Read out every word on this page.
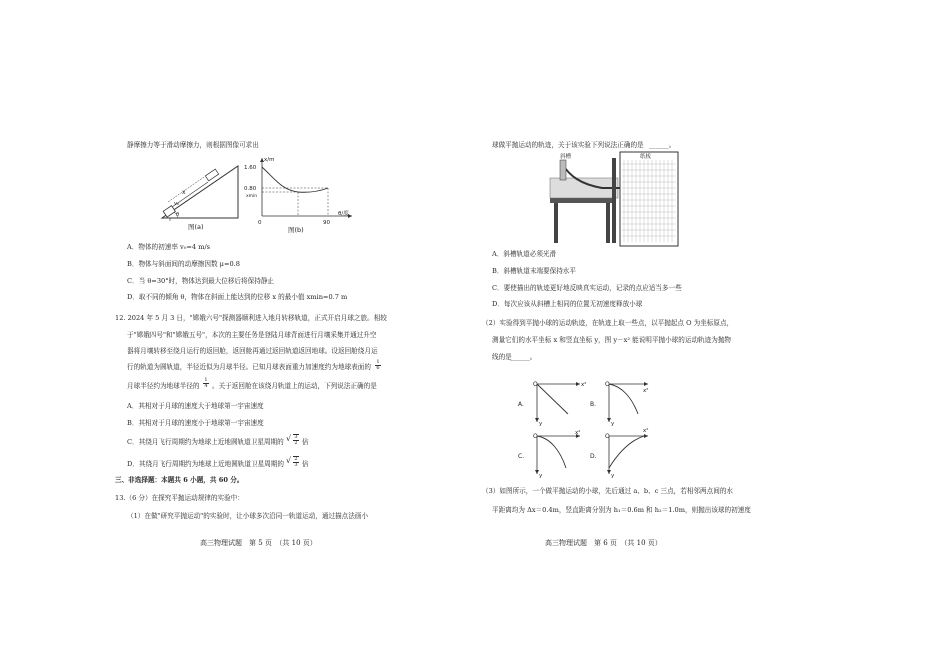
静摩擦力等于滑动摩擦力，则根据图像可求出
x
v₀
θ
图(a)
x/m
1.60
0.80
xmin
0	90
θ/度
图(b)
A．物体的初速率 v₀=4 m/s
B．物体与斜面间的动摩擦因数 μ=0.8
C．当 θ=30°时，物体达到最大位移后将保持静止
D．取不同的倾角 θ，物体在斜面上能达到的位移 x 的最小值 xmin=0.7 m
12. 2024 年 5 月 3 日，"嫦娥六号"探测器顺利进入地月转移轨道，正式开启月球之旅。相较
于"嫦娥四号"和"嫦娥五号"，本次的主要任务是登陆月球背面进行月壤采集并通过升空
器将月壤转移至绕月运行的返回舱，返回舱再通过返回轨道返回地球。设返回舱绕月运
行的轨道为圆轨道，半径近似为月球半径。已知月球表面重力加速度约为地球表面的 $\frac{1}{6}$
月球半径约为地球半径的 $\frac{1}{4}$ 。关于返回舱在该绕月轨道上的运动，下列说法正确的是
A．其相对于月球的速度大于地球第一宇宙速度
B．其相对于月球的速度小于地球第一宇宙速度
C．其绕月飞行周期约为地球上近地圆轨道卫星周期的 √ $\frac{3}{2}$ 倍
D．其绕月飞行周期约为地球上近地圆轨道卫星周期的 √ $\frac{2}{3}$ 倍
三、非选择题：本题共 6 小题，共 60 分。
13.（6 分）在探究平抛运动规律的实验中：
（1）在做"研究平抛运动"的实验时，让小球多次沿同一轨道运动，通过描点法画小
高三物理试题　第 5 页　（共 10 页）
球做平抛运动的轨迹，关于该实验下列说法正确的是 ______。
斜槽	纸板
A．斜槽轨道必须光滑
B．斜槽轨道末端要保持水平
C．要使描出的轨迹更好地反映真实运动，记录的点应适当多一些
D．每次应该从斜槽上相同的位置无初速度释放小球
（2）实验得到平抛小球的运动轨迹，在轨迹上取一些点，以平抛起点 O 为坐标原点，
测量它们的水平坐标 x 和竖直坐标 y，图 y－x² 能说明平抛小球的运动轨迹为抛物
线的是
______。
A.
O	x²
y
B.
O
x²
y
C.
O	x²
y
D.
O
x²
y
（3）如图所示，一个做平抛运动的小球，先后通过 a、b、c 三点，若相邻两点间的水
平距离均为 Δx＝0.4m，竖直距离分别为 h₁＝0.6m 和 h₂＝1.0m，则抛出该球的初速度
高三物理试题　第 6 页　（共 10 页）
